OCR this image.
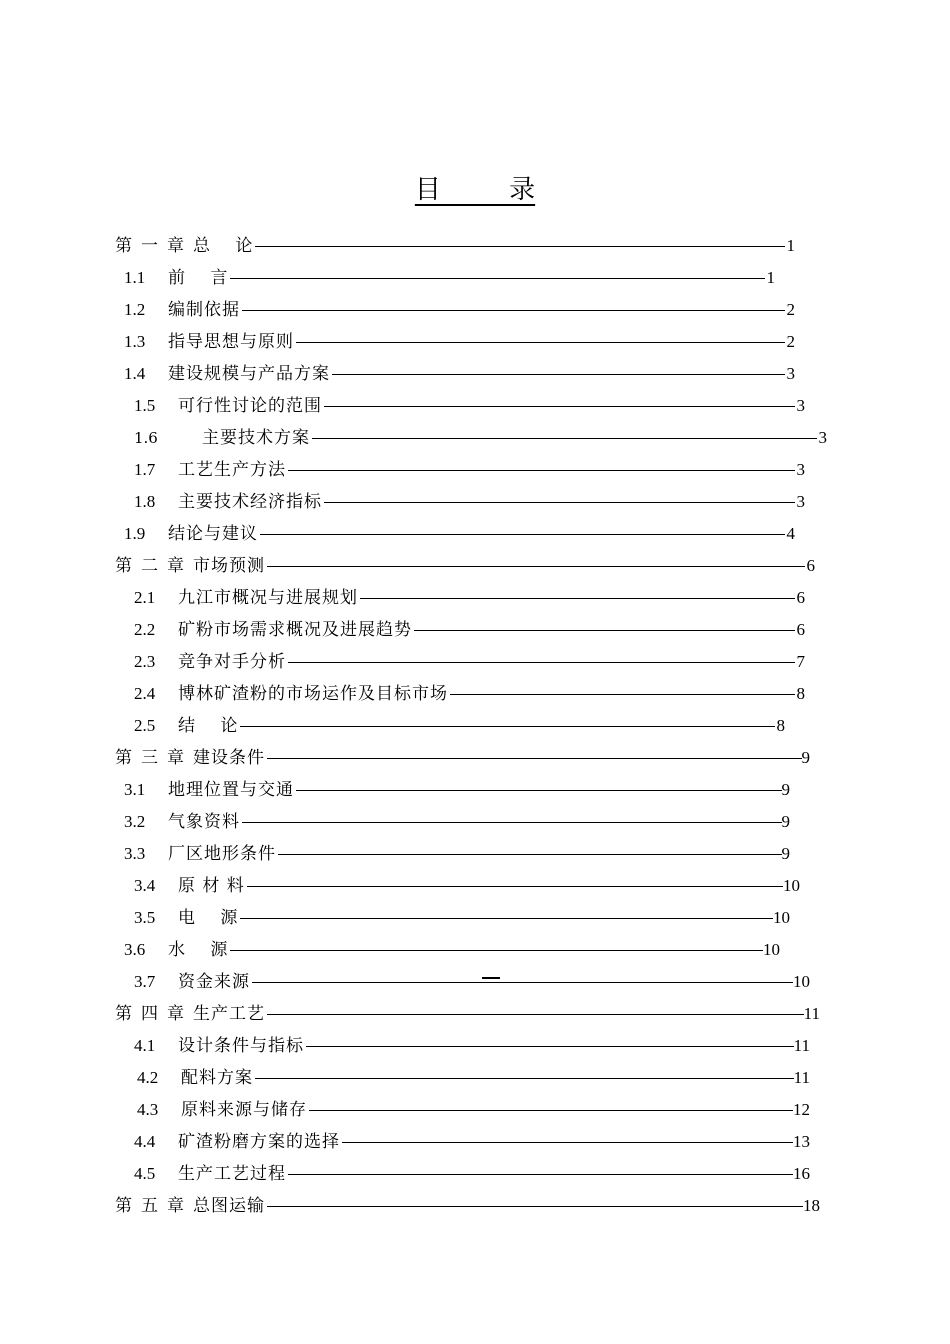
目 录
第一章 总 论	1
1.1	前 言	1
1.2	编制依据	2
1.3	指导思想与原则	2
1.4	建设规模与产品方案	3
1.5	可行性讨论的范围	3
1.6	主要技术方案	3
1.7	工艺生产方法	3
1.8	主要技术经济指标	3
1.9	结论与建议	4
第二章 市场预测	6
2.1	九江市概况与进展规划	6
2.2	矿粉市场需求概况及进展趋势	6
2.3	竞争对手分析	7
2.4	博林矿渣粉的市场运作及目标市场	8
2.5	结 论	8
第三章 建设条件	9
3.1	地理位置与交通	9
3.2	气象资料	9
3.3	厂区地形条件	9
3.4	原 材 料	10
3.5	电 源	10
3.6	水 源	10
3.7	资金来源	10
第四章 生产工艺	11
4.1	设计条件与指标	11
4.2	配料方案	11
4.3	原料来源与储存	12
4.4	矿渣粉磨方案的选择	13
4.5	生产工艺过程	16
第五章 总图运输	18
